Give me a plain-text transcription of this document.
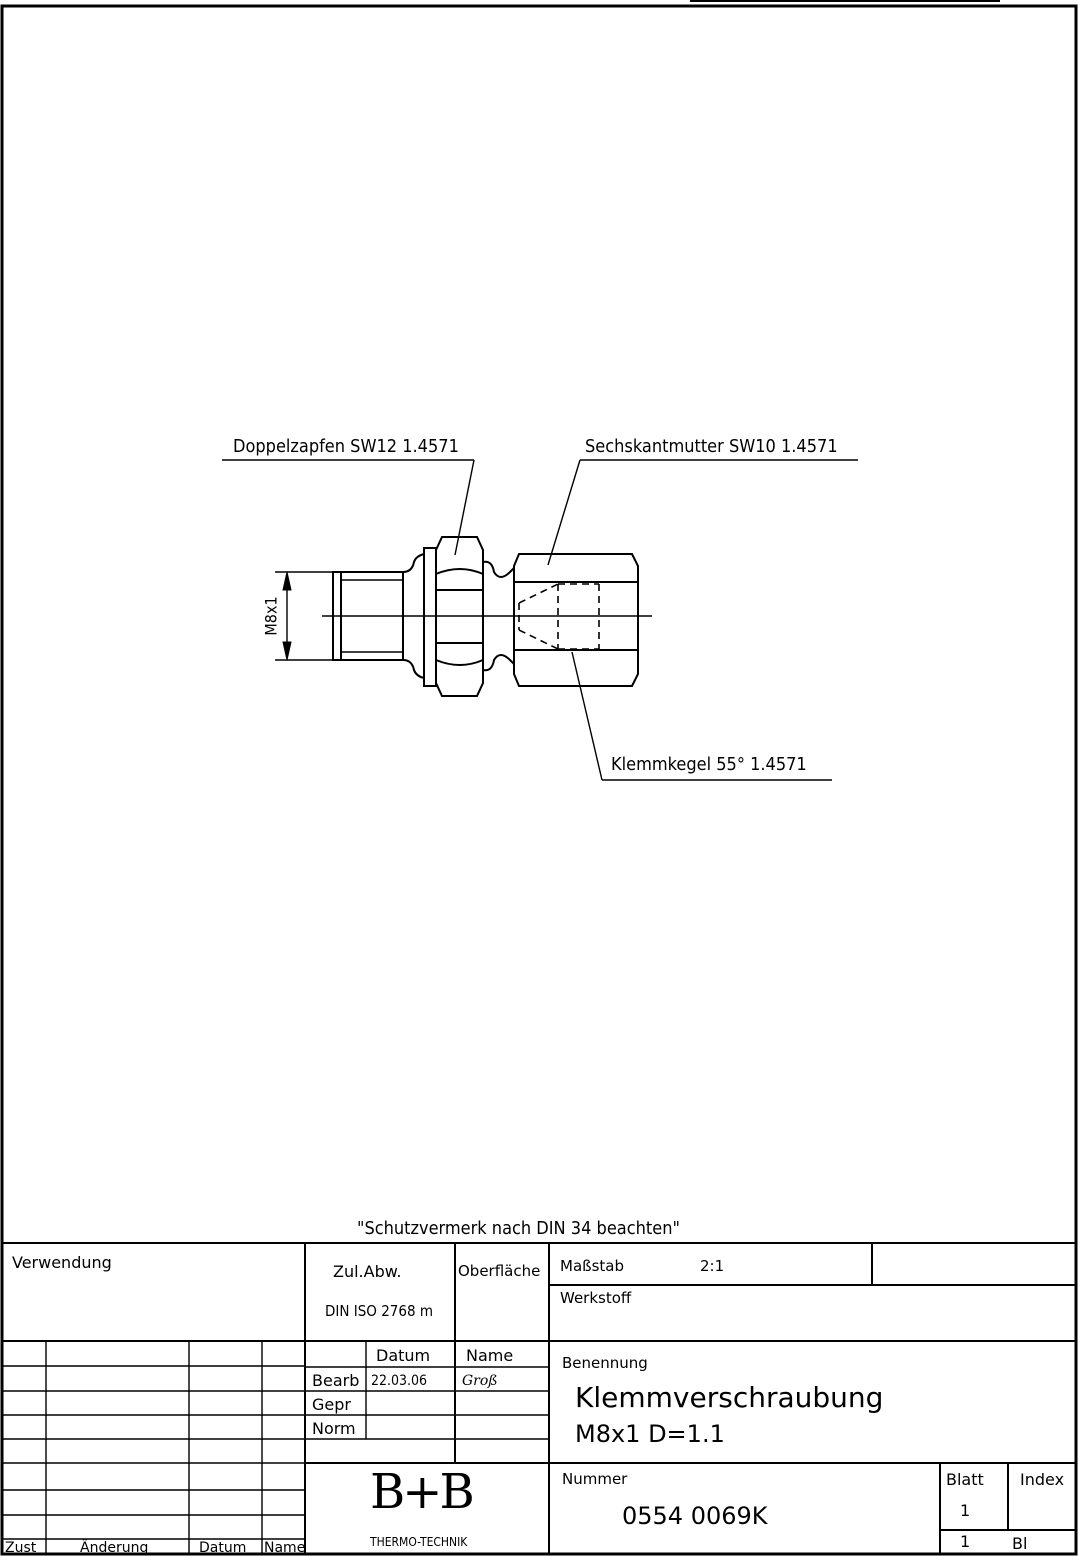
Doppelzapfen SW12 1.4571	Sechskantmutter SW10 1.4571
Klemmkegel 55° 1.4571
M8x1
"Schutzvermerk nach DIN 34 beachten"
Verwendung	Zul.Abw.
DIN ISO 2768 m
Oberfläche Maßstab	2:1
Werkstoff
Datum Name
Bearb 22.03.06 Groß
Gepr
Norm
Benennung
Klemmverschraubung
M8x1 D=1.1
Nummer
0554 0069K
Blatt Index
1
1	Bl
Zust	Änderung	Datum Name
B+B
THERMO-TECHNIK
